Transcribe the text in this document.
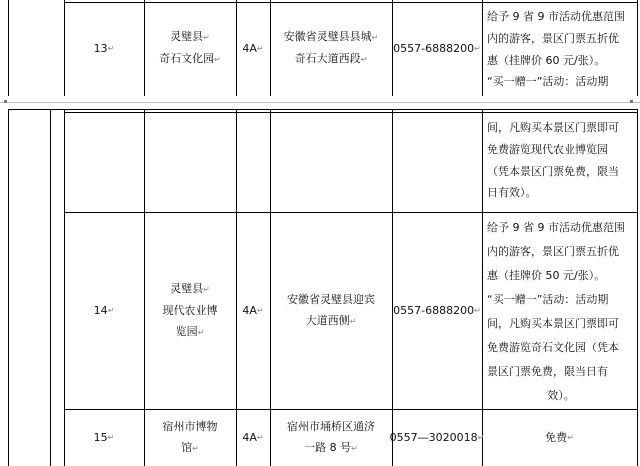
13 ↵
灵璧县↵
奇石文化园↵
4A ↵
安徽省灵璧县县城↵
奇石大道西段↵
0557-6888200 ↵
给予 9 省 9 市活动优惠范围
内的游客，景区门票五折优
惠（挂牌价 60 元/张）。
“买一赠一”活动：活动期
间，凡购买本景区门票即可
免费游览现代农业博览园
（凭本景区门票免费，限当
日有效）。
14 ↵
灵璧县↵
现代农业博
览园↵
4A ↵
安徽省灵璧县迎宾
大道西侧↵
0557-6888200 ↵
给予 9 省 9 市活动优惠范围
内的游客，景区门票五折优
惠（挂牌价 50 元/张）。
“买一赠一”活动：活动期
间，凡购买本景区门票即可
免费游览奇石文化园（凭本
景区门票免费，限当日有
效）。
15 ↵
宿州市博物
馆↵
4A ↵
宿州市埇桥区通济
一路 8 号↵
0557—3020018 ↵	免费 ↵
